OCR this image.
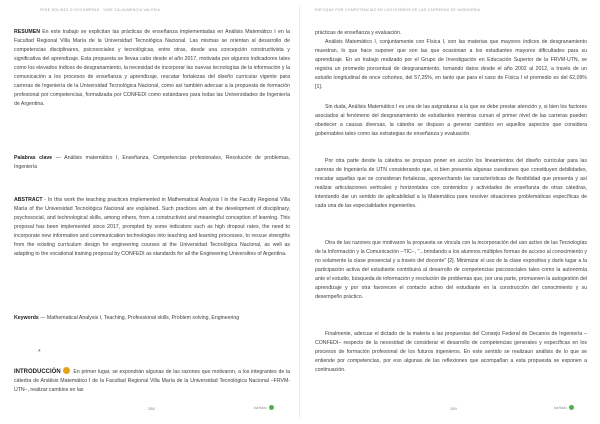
FEDE SOLIDEZ O DOCOMPRAS · UNIE ZULAUMENCIA VALOSIA

RESUMEN En este trabajo se explicitan las prácticas de enseñanza implementadas en Análisis Matemático I en la Facultad Regional Villa María de la Universidad Tecnológica Nacional. Las mismas se orientan al desarrollo de competencias disciplinares, psicosociales y tecnológicas, entre otras, desde una concepción constructivista y significativa del aprendizaje. Esta propuesta se llevaa cabo desde el año 2017, motivada por algunos indicadores tales como los elevados índices de desgranamiento, la necesidad de incorporar las nuevas tecnologías de la información y la comunicación a los procesos de enseñanza y aprendizaje, rescatar fortalezas del diseño curricular vigente para carreras de Ingeniería de la Universidad Tecnológica Nacional, como así también adecuar a la propuesta de formación profesional por competencias, formalizada por CONFEDI como estándares para todas las Universidades de Ingeniería de Argentina.

Palabras clave — Análisis matemático I, Enseñanza, Competencias profesionales, Resolución de problemas, Ingeniería

ABSTRACT - In this work the teaching practices implemented in Mathematical Analysis I in the Faculty Regional Villa María of the Universidad Tecnológica Nacional are explained. Such practices aim at the development of disciplinary, psychosocial, and technological skills, among others, from a constructivist and meaningful conception of learning. This proposal has been implemented since 2017, prompted by some indicators such as high dropout rates, the need to incorporate new information and communication technologies into teaching and learning processes, to rescue strengths from the existing curriculum design for engineering courses at the Universidad Tecnológica Nacional, as well as adapting to the vocational training proposal by CONFEDI as standards for all the Engineering Universities of Argentina.

Keywords — Mathematical Analysis I, Teaching, Professional skills, Problem solving, Engineering

*

INTRODUCCIÓN En primer lugar, se expondrán algunas de las razones que motivaron, a los integrantes de la cátedra de Análisis Matemático I de la Facultad Regional Villa María de la Universidad Tecnológica Nacional –FRVM-UTN–, realizar cambios en las

288	ka'ñatu
ENFOQUE POR COMPETENCIAS EN LOS DISEÑOS DE LAS CARRERAS DE INGENIERÍA

prácticas de enseñanza y evaluación.

Análisis Matemático I, conjuntamente con Física I, son las materias que mayores índices de desgranamiento muestran, lo que hace suponer que son las que ocasionan a los estudiantes mayores dificultades para su aprendizaje. En un trabajo realizado por el Grupo de Investigación en Educación Superior de la FRVM-UTN, se registra un promedio porcentual de desgranamiento, tomando datos desde el año 2002 al 2012, a través de un estudio longitudinal de once cohortes, del 57,25%, en tanto que para el caso de Física I el promedio es del 62,09% [1].

Sin duda, Análisis Matemático I es una de las asignaturas a la que se debe prestar atención y, si bien los factores asociados al fenómeno del desgranamiento de estudiantes mientras cursan el primer nivel de las carreras pueden obedecer a causas diversas, la cátedra se dispuso a generar cambios en aquellos aspectos que considera gobernables tales como las estrategias de enseñanza y evaluación.

Por otra parte desde la cátedra se propuso poner en acción los lineamientos del diseño curricular para las carreras de Ingeniería de UTN considerando que, si bien presenta algunas cuestiones que constituyen debilidades, rescatar aquellas que se consideran fortalezas, aprovechando las características de flexibilidad que presenta y así realizar articulaciones verticales y horizontales con contenidos y actividades de enseñanza de otras cátedras, intentando dar un sentido de aplicabilidad a la Matemática para resolver situaciones problemáticas específicas de cada una de las especialidades ingenieriles.

Otra de las razones que motivaron la propuesta se vincula con la incorporación del uso activo de las Tecnologías de la Información y la Comunicación –TIC–, "...brindando a los alumnos múltiples formas de acceso al conocimiento y no solamente la clase presencial y a través del docente" [2]. Minimizar el uso de la clase expositiva y darle lugar a la participación activa del estudiante contribuirá al desarrollo de competencias psicosociales tales como la autonomía ante el estudio, búsqueda de información y resolución de problemas que, por una parte, promueven la autogestión del aprendizaje y por otra favorecen el contacto activo del estudiante en la construcción del conocimiento y su desempeño práctico.

Finalmente, adecuar el dictado de la materia a las propuestas del Consejo Federal de Decanos de Ingeniería –CONFEDI– respecto de la necesidad de considerar el desarrollo de competencias generales y específicas en los procesos de formación profesional de los futuros ingenieros. En este sentido se realizaun análisis de lo que se entiende por competencias, por eso algunas de las reflexiones que acompañan a esta propuesta se exponen a continuación.

289	ka'ñatu
